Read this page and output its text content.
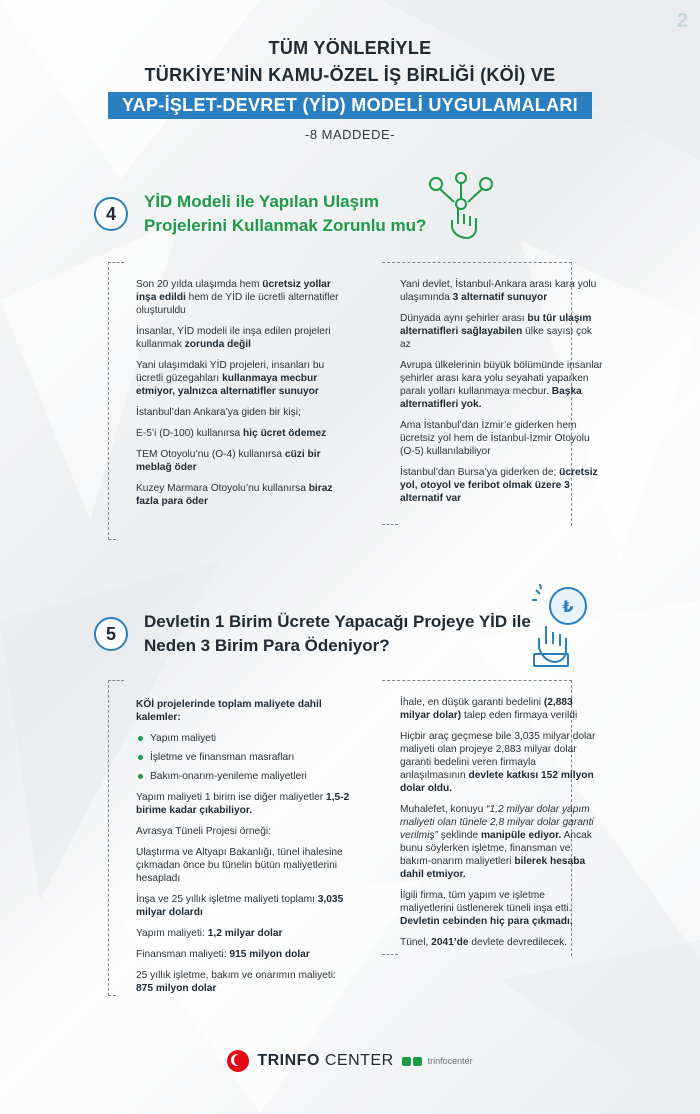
2
TÜM YÖNLERİYLE
TÜRKİYE’NİN KAMU-ÖZEL İŞ BİRLİĞİ (KÖİ) VE
YAP-İŞLET-DEVRET (YİD) MODELİ UYGULAMALARI
-8 MADDEDE-
4
YİD Modeli ile Yapılan Ulaşım
Projelerini Kullanmak Zorunlu mu?

Son 20 yılda ulaşımda hem ücretsiz yollar inşa edildi hem de YİD ile ücretli alternatifler oluşturuldu

İnsanlar, YİD modeli ile inşa edilen projeleri kullanmak zorunda değil

Yani ulaşımdaki YİD projeleri, insanları bu ücretli güzegahları kullanmaya mecbur etmiyor, yalnızca alternatifler sunuyor

İstanbul’dan Ankara’ya giden bir kişi;

E-5’i (D-100) kullanırsa hiç ücret ödemez

TEM Otoyolu’nu (O-4) kullanırsa cüzi bir meblağ öder

Kuzey Marmara Otoyolu’nu kullanırsa biraz fazla para öder

Yani devlet, İstanbul-Ankara arası kara yolu ulaşımında 3 alternatif sunuyor

Dünyada aynı şehirler arası bu tür ulaşım alternatifleri sağlayabilen ülke sayısı çok az

Avrupa ülkelerinin büyük bölümünde insanlar şehirler arası kara yolu seyahati yaparken paralı yolları kullanmaya mecbur. Başka alternatifleri yok.

Ama İstanbul’dan İzmir’e giderken hem ücretsiz yol hem de İstanbul-İzmir Otoyolu (O-5) kullanılabiliyor

İstanbul’dan Bursa’ya giderken de; ücretsiz yol, otoyol ve feribot olmak üzere 3 alternatif var

5
Devletin 1 Birim Ücrete Yapacağı Projeye YİD ile
Neden 3 Birim Para Ödeniyor?
₺

KÖİ projelerinde toplam maliyete dahil kalemler:

Yapım maliyeti
İşletme ve finansman masrafları
Bakım-onarım-yenileme maliyetleri

Yapım maliyeti 1 birim ise diğer maliyetler 1,5-2 birime kadar çıkabiliyor.

Avrasya Tüneli Projesi örneği:

Ulaştırma ve Altyapı Bakanlığı, tünel ihalesine çıkmadan önce bu tünelin bütün maliyetlerini hesapladı

İnşa ve 25 yıllık işletme maliyeti toplamı 3,035 milyar dolardı

Yapım maliyeti: 1,2 milyar dolar

Finansman maliyeti: 915 milyon dolar

25 yıllık işletme, bakım ve onarımın maliyeti: 875 milyon dolar

İhale, en düşük garanti bedelini (2,883 milyar dolar) talep eden firmaya verildi

Hiçbir araç geçmese bile 3,035 milyar dolar maliyeti olan projeye 2,883 milyar dolar garanti bedelini veren firmayla anlaşılmasının devlete katkısı 152 milyon dolar oldu.

Muhalefet, konuyu “1,2 milyar dolar yapım maliyeti olan tünele 2,8 milyar dolar garanti verilmiş” şeklinde manipüle ediyor. Ancak bunu söylerken işletme, finansman ve bakım-onarım maliyetleri bilerek hesaba dahil etmiyor.

İlgili firma, tüm yapım ve işletme maliyetlerini üstlenerek tüneli inşa etti. Devletin cebinden hiç para çıkmadı.

Tünel, 2041’de devlete devredilecek.

TRINFO CENTER	trinfocenter
